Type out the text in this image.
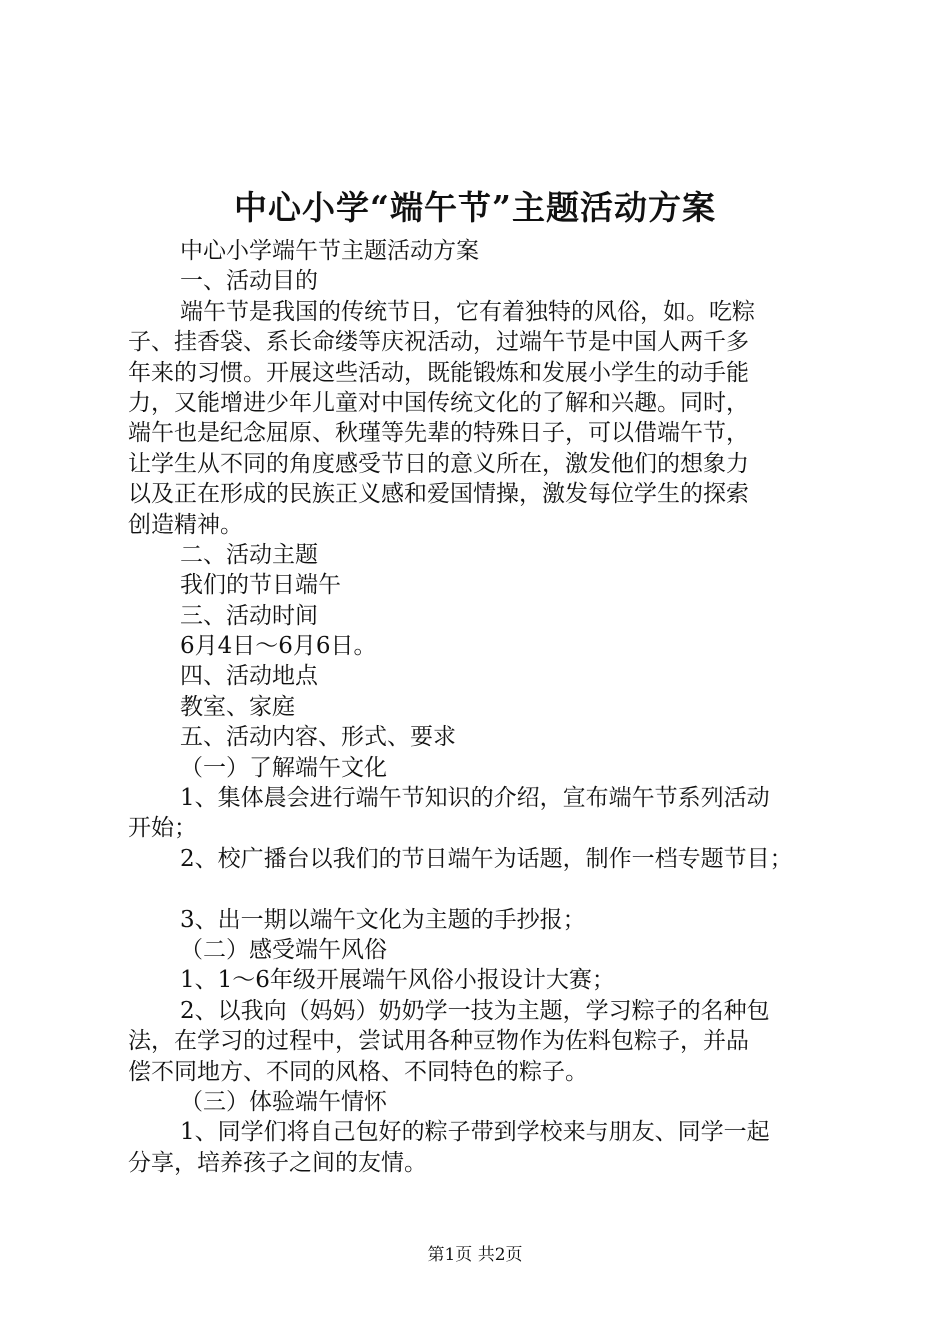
中心小学“端午节”主题活动方案
中心小学端午节主题活动方案
一、活动目的
端午节是我国的传统节日，它有着独特的风俗，如。吃粽
子、挂香袋、系长命缕等庆祝活动，过端午节是中国人两千多
年来的习惯。开展这些活动，既能锻炼和发展小学生的动手能
力，又能增进少年儿童对中国传统文化的了解和兴趣。同时，
端午也是纪念屈原、秋瑾等先辈的特殊日子，可以借端午节，
让学生从不同的角度感受节日的意义所在，激发他们的想象力
以及正在形成的民族正义感和爱国情操，激发每位学生的探索
创造精神。
二、活动主题
我们的节日端午
三、活动时间
6月4日～6月6日。
四、活动地点
教室、家庭
五、活动内容、形式、要求
（一）了解端午文化
1、集体晨会进行端午节知识的介绍，宣布端午节系列活动
开始；
2、校广播台以我们的节日端午为话题，制作一档专题节目；
3、出一期以端午文化为主题的手抄报；
（二）感受端午风俗
1、1～6年级开展端午风俗小报设计大赛；
2、以我向（妈妈）奶奶学一技为主题，学习粽子的名种包
法，在学习的过程中，尝试用各种豆物作为佐料包粽子，并品
偿不同地方、不同的风格、不同特色的粽子。
（三）体验端午情怀
1、同学们将自己包好的粽子带到学校来与朋友、同学一起
分享，培养孩子之间的友情。
第1页 共2页
